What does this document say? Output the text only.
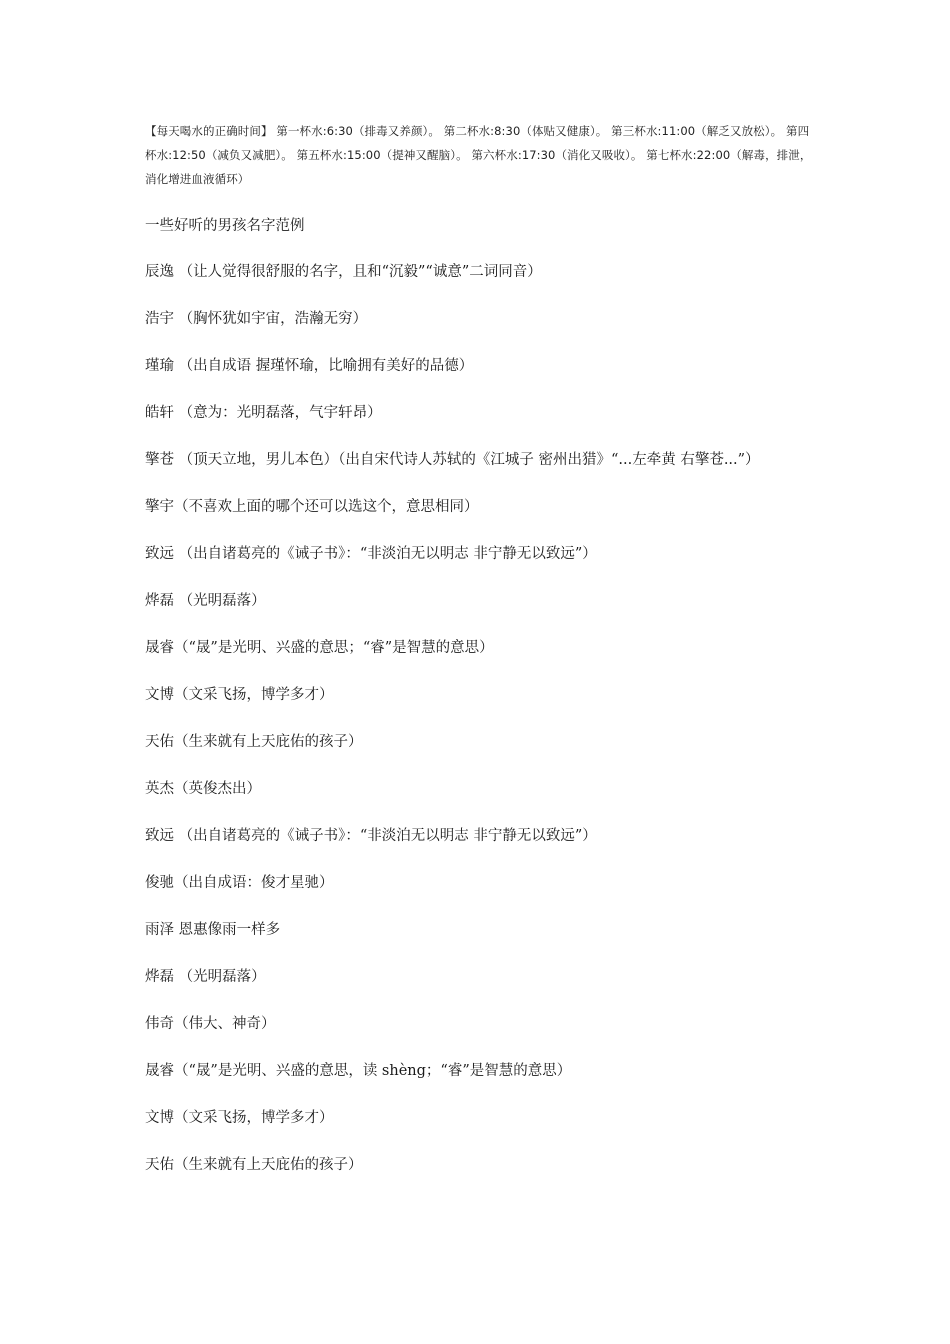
【每天喝水的正确时间】 第一杯水:6:30（排毒又养颜）。 第二杯水:8:30（体贴又健康）。 第三杯水:11:00（解乏又放松）。 第四杯水:12:50（减负又减肥）。 第五杯水:15:00（提神又醒脑）。 第六杯水:17:30（消化又吸收）。 第七杯水:22:00（解毒，排泄，消化增进血液循环）

一些好听的男孩名字范例

辰逸 （让人觉得很舒服的名字，且和“沉毅”“诚意”二词同音）
浩宇 （胸怀犹如宇宙，浩瀚无穷）
瑾瑜 （出自成语 握瑾怀瑜，比喻拥有美好的品德）
皓轩 （意为：光明磊落，气宇轩昂）
擎苍 （顶天立地，男儿本色）（出自宋代诗人苏轼的《江城子 密州出猎》“...左牵黄 右擎苍...”）
擎宇（不喜欢上面的哪个还可以选这个，意思相同）
致远 （出自诸葛亮的《诫子书》：“非淡泊无以明志 非宁静无以致远”）
烨磊 （光明磊落）
晟睿（“晟”是光明、兴盛的意思；“睿”是智慧的意思）
文博（文采飞扬，博学多才）
天佑（生来就有上天庇佑的孩子）
英杰（英俊杰出）
致远 （出自诸葛亮的《诫子书》：“非淡泊无以明志 非宁静无以致远”）
俊驰（出自成语：俊才星驰）
雨泽 恩惠像雨一样多
烨磊 （光明磊落）
伟奇（伟大、神奇）
晟睿（“晟”是光明、兴盛的意思，读 shèng；“睿”是智慧的意思）
文博（文采飞扬，博学多才）
天佑（生来就有上天庇佑的孩子）
